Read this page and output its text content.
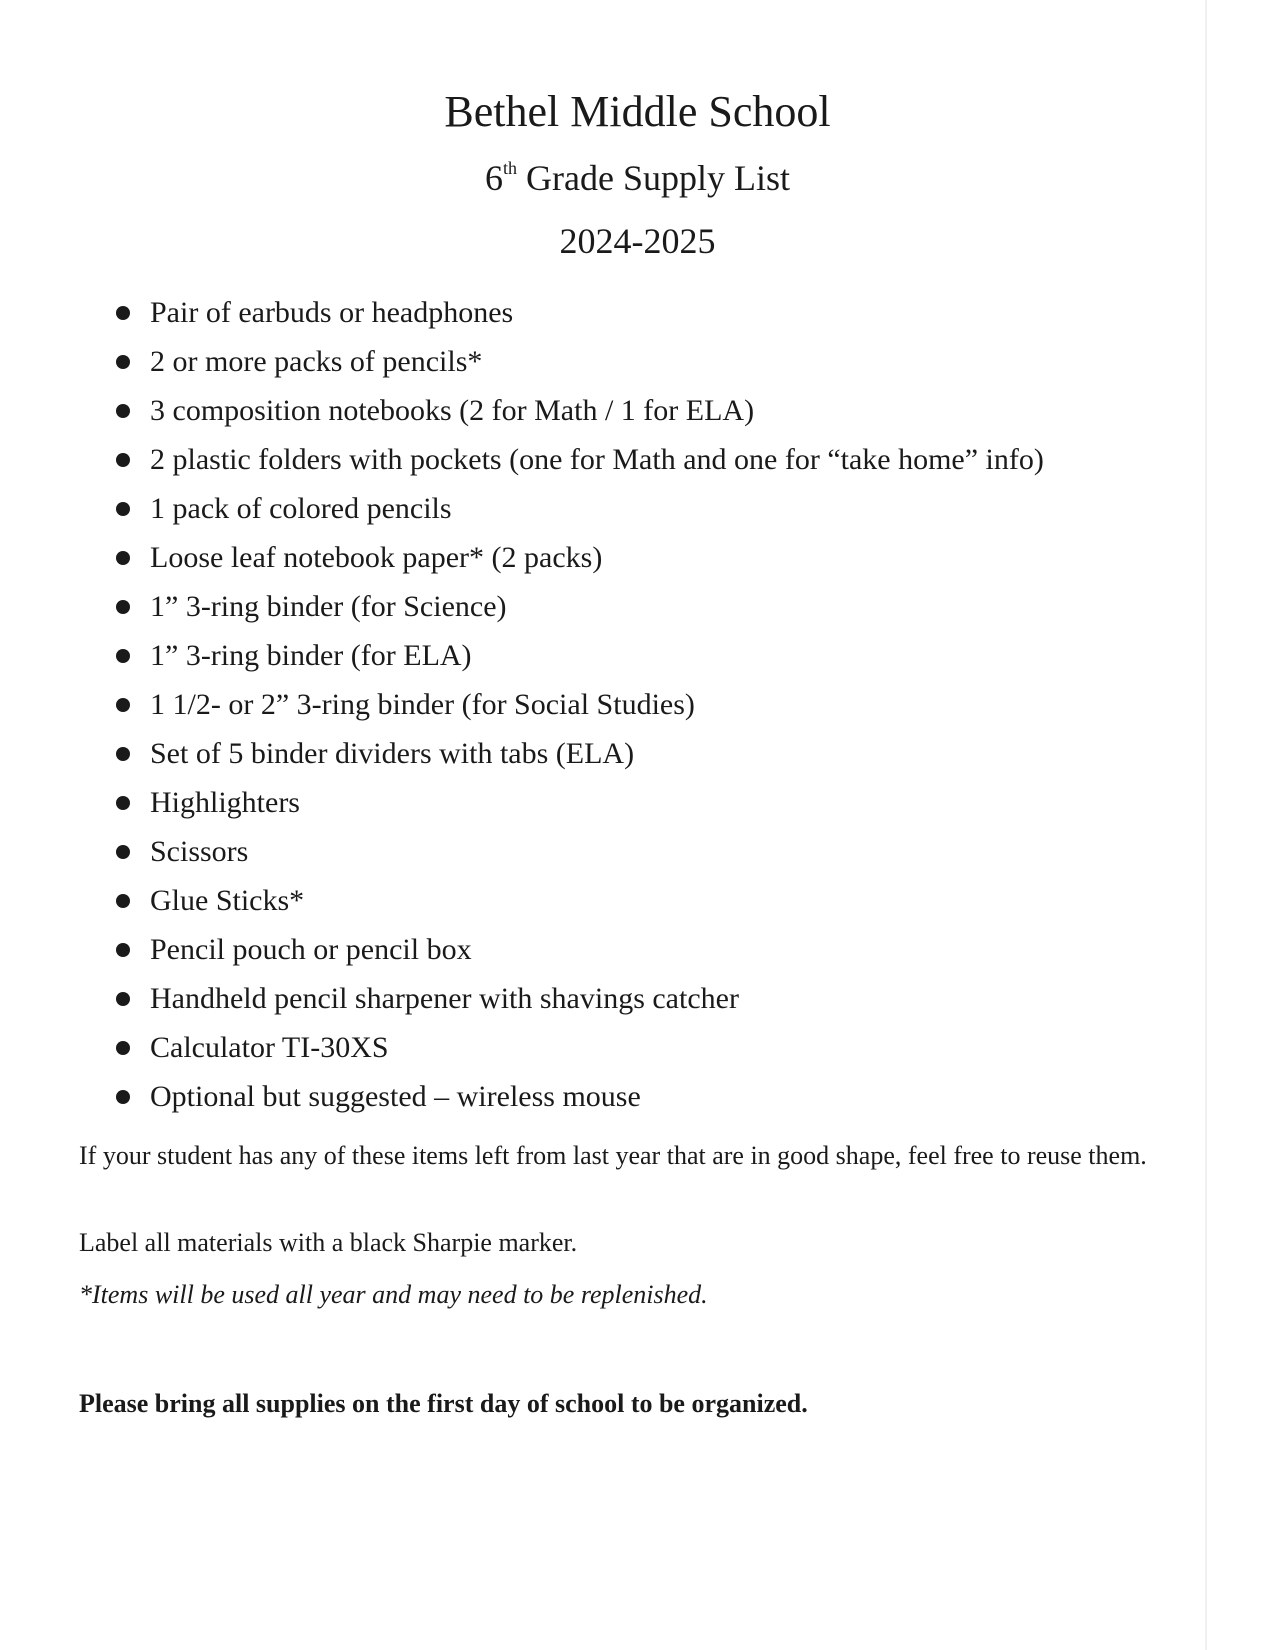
Bethel Middle School
6th Grade Supply List
2024-2025
Pair of earbuds or headphones
2 or more packs of pencils*
3 composition notebooks (2 for Math / 1 for ELA)
2 plastic folders with pockets (one for Math and one for “take home” info)
1 pack of colored pencils
Loose leaf notebook paper* (2 packs)
1” 3-ring binder (for Science)
1” 3-ring binder (for ELA)
1 1/2- or 2” 3-ring binder (for Social Studies)
Set of 5 binder dividers with tabs (ELA)
Highlighters
Scissors
Glue Sticks*
Pencil pouch or pencil box
Handheld pencil sharpener with shavings catcher
Calculator TI-30XS
Optional but suggested – wireless mouse

If your student has any of these items left from last year that are in good shape, feel free to reuse them.

Label all materials with a black Sharpie marker.

*Items will be used all year and may need to be replenished.

Please bring all supplies on the first day of school to be organized.
